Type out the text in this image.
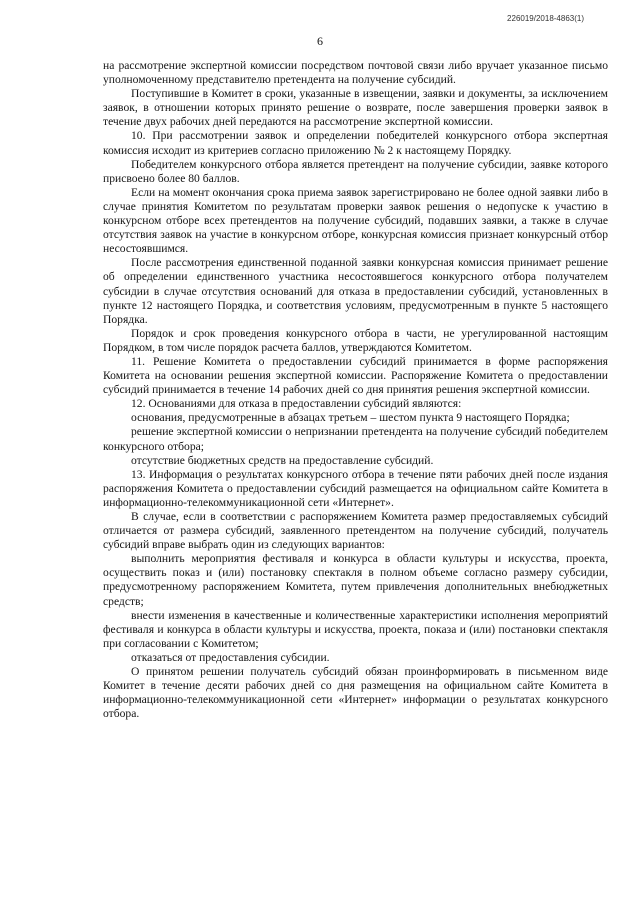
226019/2018-4863(1)
6

на рассмотрение экспертной комиссии посредством почтовой связи либо вручает указанное письмо уполномоченному представителю претендента на получение субсидий.

Поступившие в Комитет в сроки, указанные в извещении, заявки и документы, за исключением заявок, в отношении которых принято решение о возврате, после завершения проверки заявок в течение двух рабочих дней передаются на рассмотрение экспертной комиссии.

10. При рассмотрении заявок и определении победителей конкурсного отбора экспертная комиссия исходит из критериев согласно приложению № 2 к настоящему Порядку.

Победителем конкурсного отбора является претендент на получение субсидии, заявке которого присвоено более 80 баллов.

Если на момент окончания срока приема заявок зарегистрировано не более одной заявки либо в случае принятия Комитетом по результатам проверки заявок решения о недопуске к участию в конкурсном отборе всех претендентов на получение субсидий, подавших заявки, а также в случае отсутствия заявок на участие в конкурсном отборе, конкурсная комиссия признает конкурсный отбор несостоявшимся.

После рассмотрения единственной поданной заявки конкурсная комиссия принимает решение об определении единственного участника несостоявшегося конкурсного отбора получателем субсидии в случае отсутствия оснований для отказа в предоставлении субсидий, установленных в пункте 12 настоящего Порядка, и соответствия условиям, предусмотренным в пункте 5 настоящего Порядка.

Порядок и срок проведения конкурсного отбора в части, не урегулированной настоящим Порядком, в том числе порядок расчета баллов, утверждаются Комитетом.

11. Решение Комитета о предоставлении субсидий принимается в форме распоряжения Комитета на основании решения экспертной комиссии. Распоряжение Комитета о предоставлении субсидий принимается в течение 14 рабочих дней со дня принятия решения экспертной комиссии.

12. Основаниями для отказа в предоставлении субсидий являются:

основания, предусмотренные в абзацах третьем – шестом пункта 9 настоящего Порядка;

решение экспертной комиссии о непризнании претендента на получение субсидий победителем конкурсного отбора;

отсутствие бюджетных средств на предоставление субсидий.

13. Информация о результатах конкурсного отбора в течение пяти рабочих дней после издания распоряжения Комитета о предоставлении субсидий размещается на официальном сайте Комитета в информационно-телекоммуникационной сети «Интернет».

В случае, если в соответствии с распоряжением Комитета размер предоставляемых субсидий отличается от размера субсидий, заявленного претендентом на получение субсидий, получатель субсидий вправе выбрать один из следующих вариантов:

выполнить мероприятия фестиваля и конкурса в области культуры и искусства, проекта, осуществить показ и (или) постановку спектакля в полном объеме согласно размеру субсидии, предусмотренному распоряжением Комитета, путем привлечения дополнительных внебюджетных средств;

внести изменения в качественные и количественные характеристики исполнения мероприятий фестиваля и конкурса в области культуры и искусства, проекта, показа и (или) постановки спектакля при согласовании с Комитетом;

отказаться от предоставления субсидии.

О принятом решении получатель субсидий обязан проинформировать в письменном виде Комитет в течение десяти рабочих дней со дня размещения на официальном сайте Комитета в информационно-телекоммуникационной сети «Интернет» информации о результатах конкурсного отбора.
